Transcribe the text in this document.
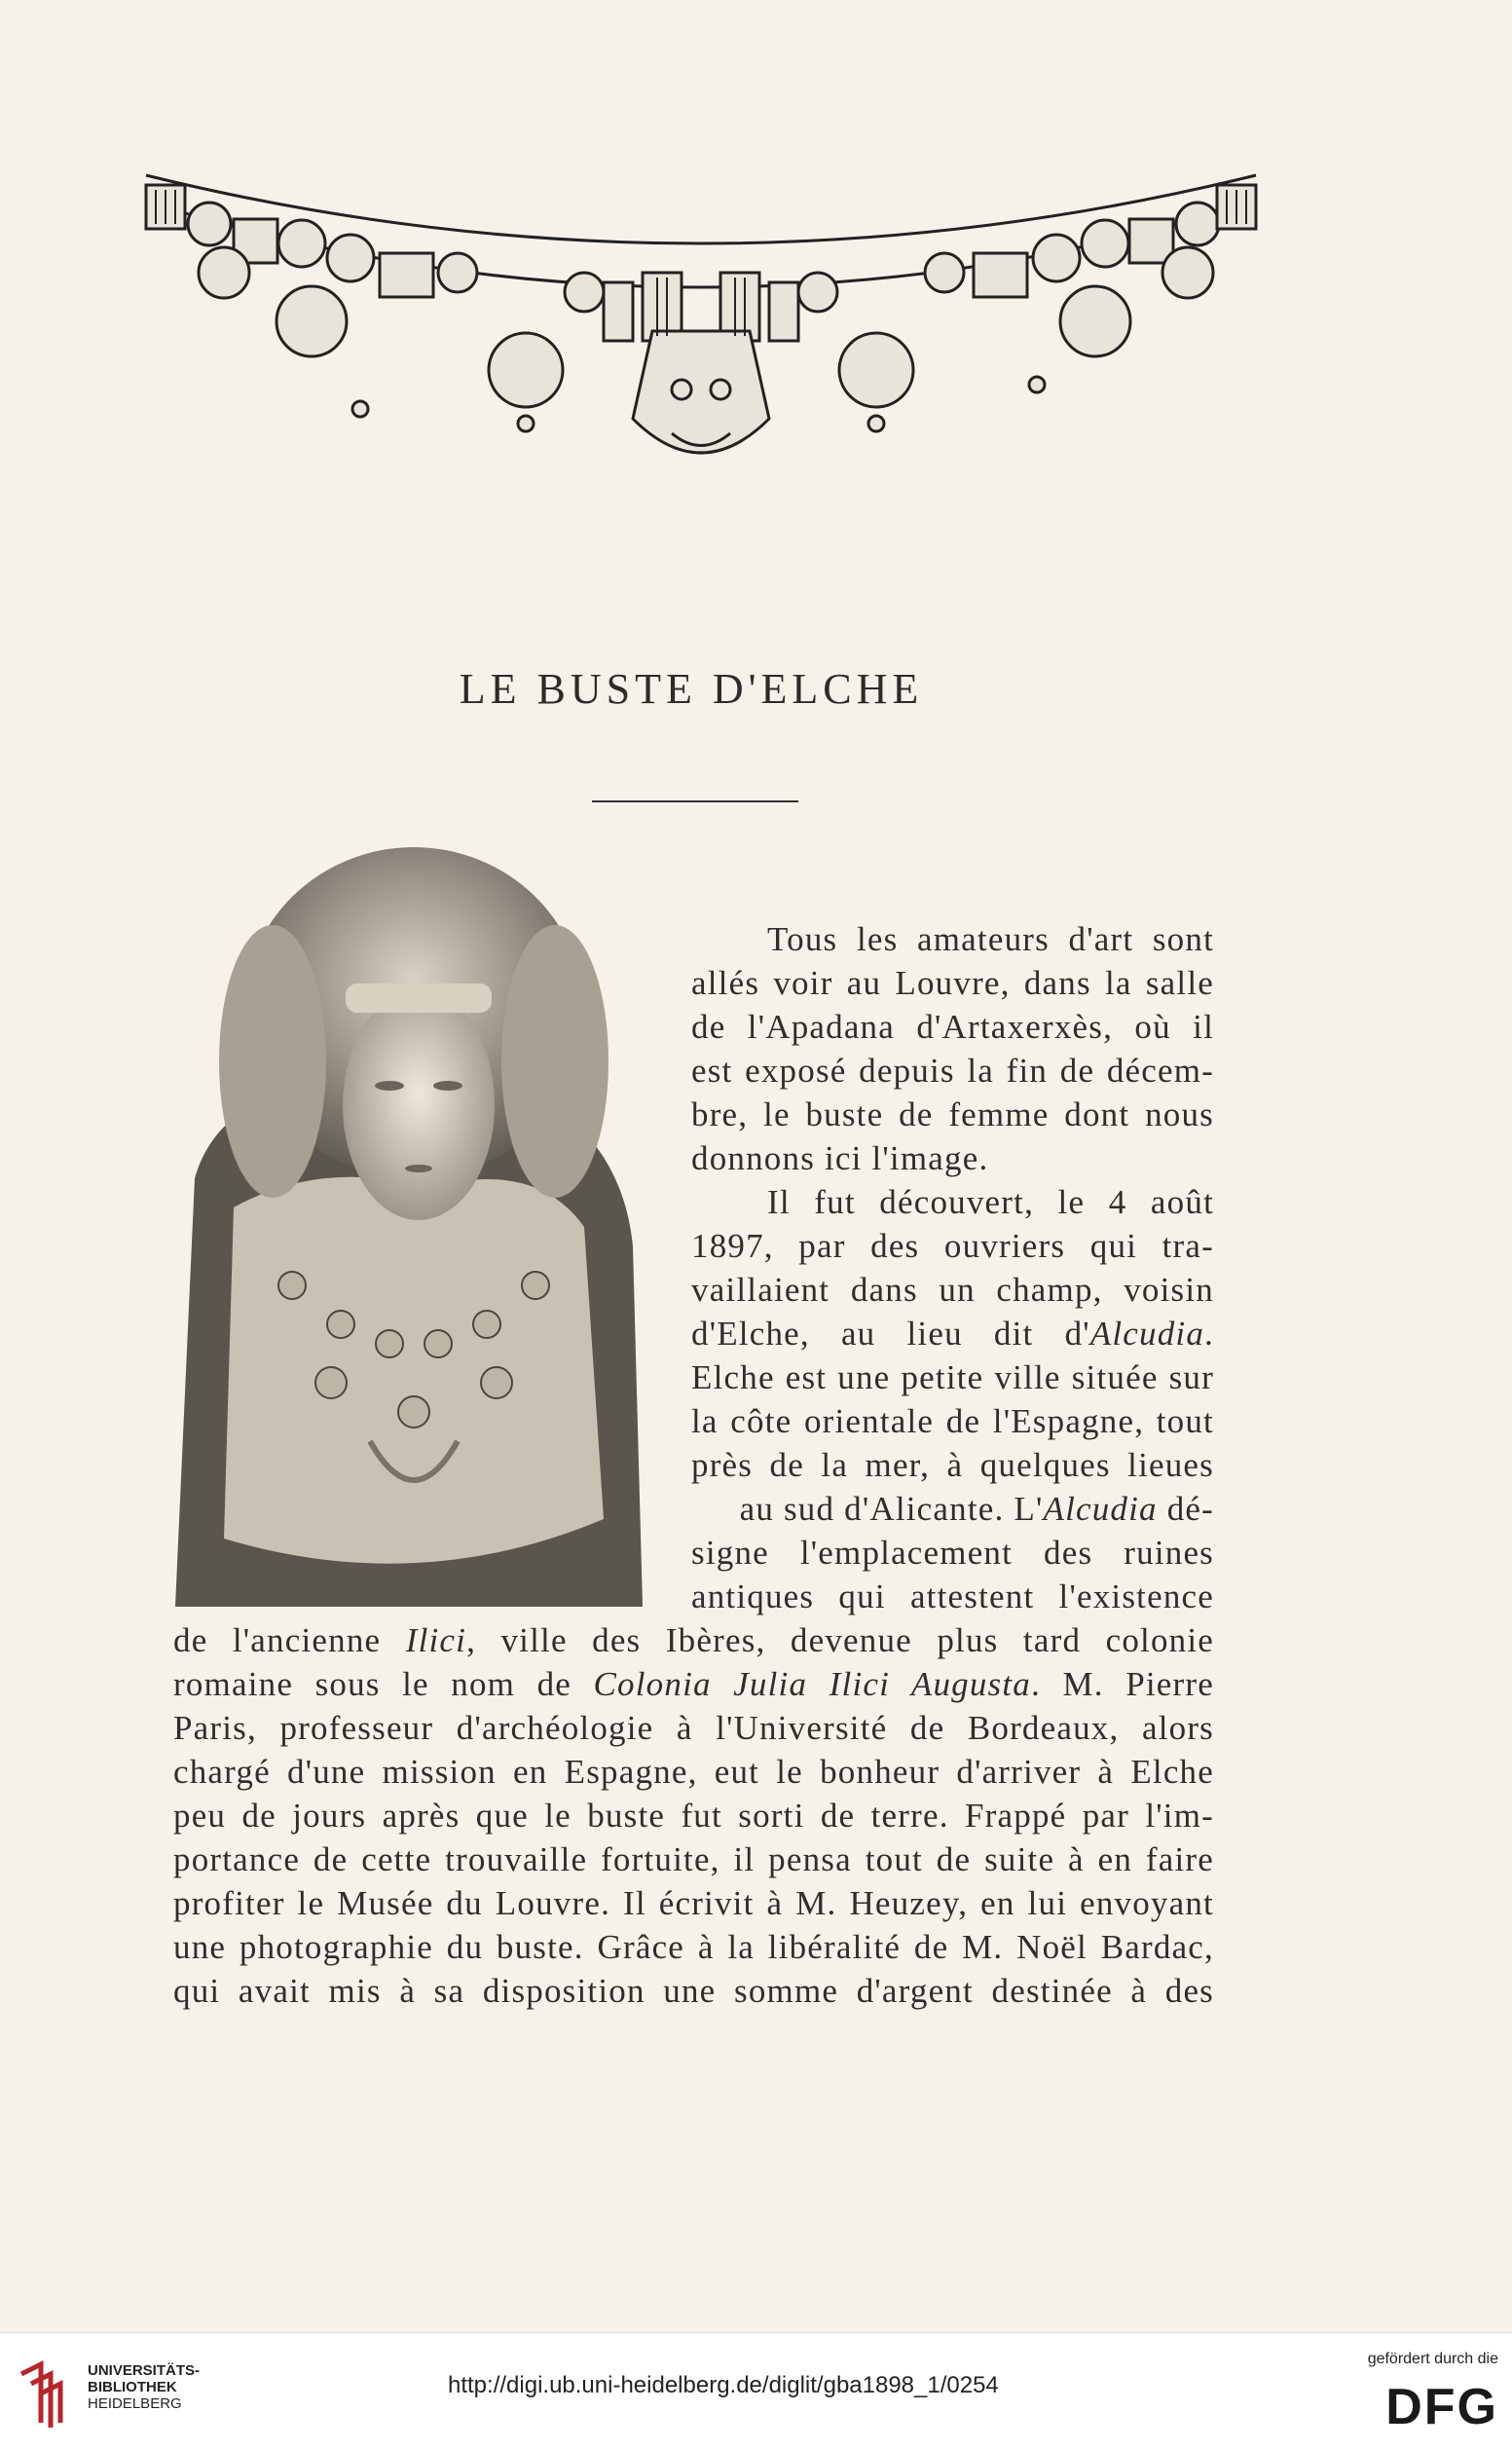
LE BUSTE D'ELCHE
Tous les amateurs d'art sont
allés voir au Louvre, dans la salle
de l'Apadana d'Artaxerxès, où il
est exposé depuis la fin de décem-
bre, le buste de femme dont nous
donnons ici l'image.
Il fut découvert, le 4 août
1897, par des ouvriers qui tra-
vaillaient dans un champ, voisin
d'Elche, au lieu dit d'Alcudia.
Elche est une petite ville située sur
la côte orientale de l'Espagne, tout
près de la mer, à quelques lieues
au sud d'Alicante. L'Alcudia dé-
signe l'emplacement des ruines
antiques qui attestent l'existence
de l'ancienne Ilici, ville des Ibères, devenue plus tard colonie
romaine sous le nom de Colonia Julia Ilici Augusta. M. Pierre
Paris, professeur d'archéologie à l'Université de Bordeaux, alors
chargé d'une mission en Espagne, eut le bonheur d'arriver à Elche
peu de jours après que le buste fut sorti de terre. Frappé par l'im-
portance de cette trouvaille fortuite, il pensa tout de suite à en faire
profiter le Musée du Louvre. Il écrivit à M. Heuzey, en lui envoyant
une photographie du buste. Grâce à la libéralité de M. Noël Bardac,
qui avait mis à sa disposition une somme d'argent destinée à des
UNIVERSITÄTS-
BIBLIOTHEK
HEIDELBERG
http://digi.ub.uni-heidelberg.de/diglit/gba1898_1/0254
gefördert durch die
DFG
